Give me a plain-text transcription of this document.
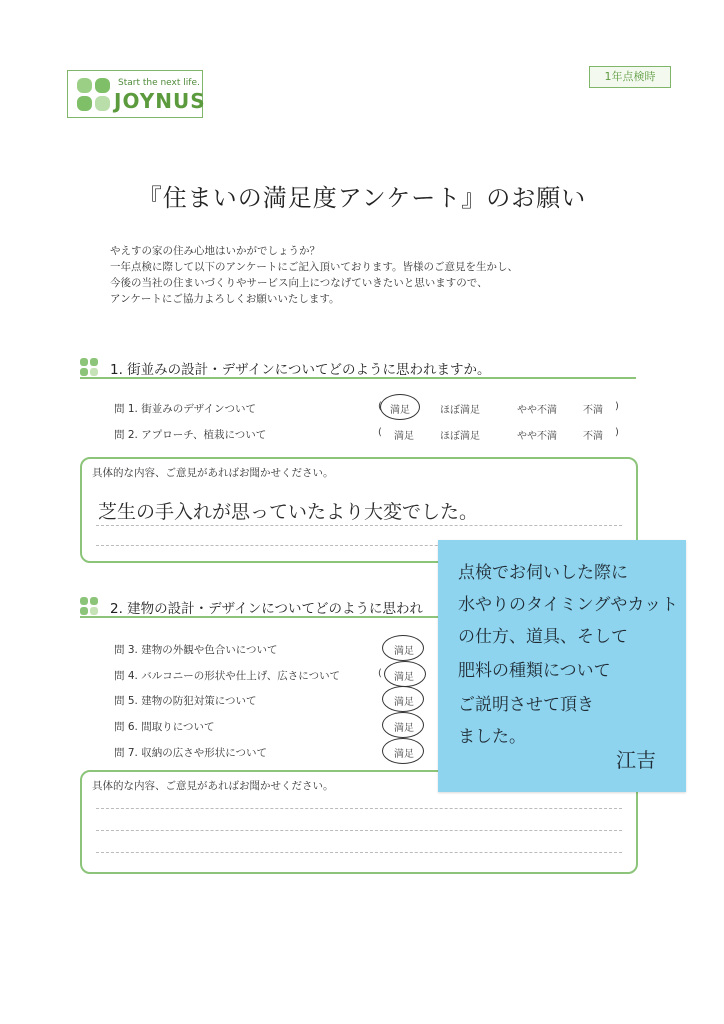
Start the next life.
JOYNUS
1年点検時
『住まいの満足度アンケート』のお願い
やえすの家の住み心地はいかがでしょうか？
一年点検に際して以下のアンケートにご記入頂いております。皆様のご意見を生かし、
今後の当社の住まいづくりやサービス向上につなげていきたいと思いますので、
アンケートにご協力よろしくお願いいたします。
1. 街並みの設計・デザインについてどのように思われますか。
問 1. 街並みのデザインついて	( 満足	ほぼ満足	やや不満	不満 )
問 2. アプローチ、植栽について	( 満足	ほぼ満足	やや不満	不満 )
具体的な内容、ご意見があればお聞かせください。
芝生の手入れが思っていたより大変でした。
2. 建物の設計・デザインについてどのように思われ
問 3. 建物の外観や色合いについて	満足
問 4. バルコニーの形状や仕上げ、広さについて	( 満足
問 5. 建物の防犯対策について	満足
問 6. 間取りについて	満足
問 7. 収納の広さや形状について	満足
具体的な内容、ご意見があればお聞かせください。
点検でお伺いした際に
水やりのタイミングやカット
の仕方、道具、そして
肥料の種類について
ご説明させて頂き
ました。
江吉
